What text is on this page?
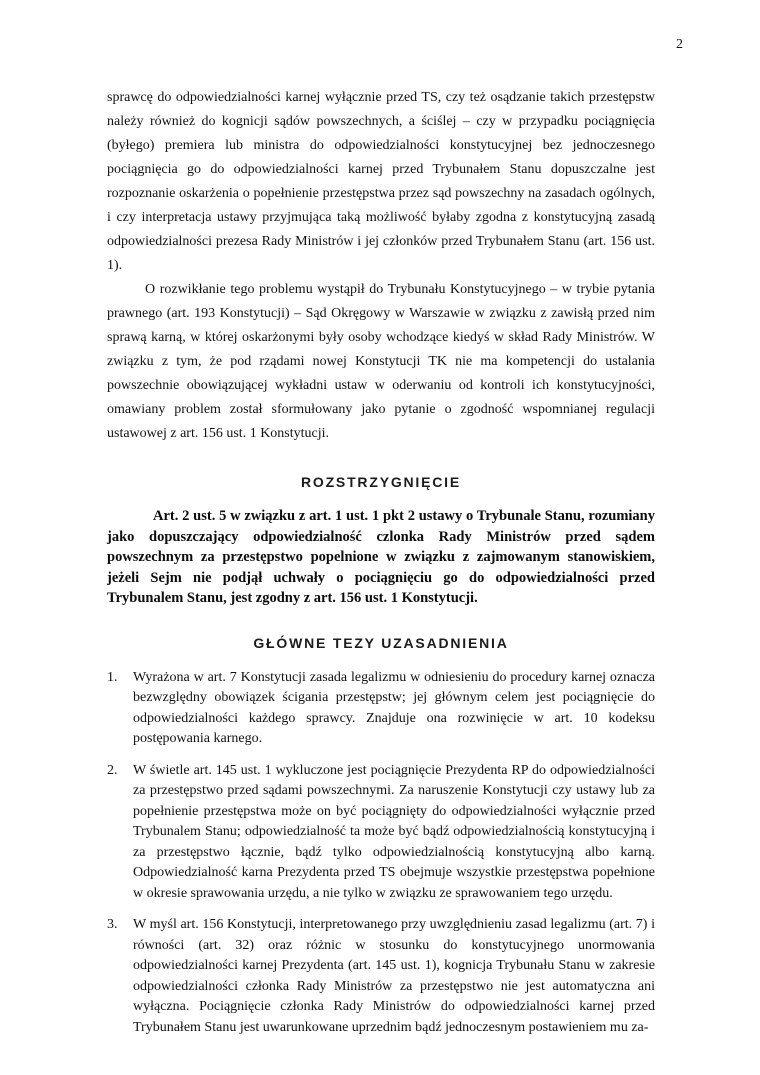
2

sprawcę do odpowiedzialności karnej wyłącznie przed TS, czy też osądzanie takich przestępstw należy również do kognicji sądów powszechnych, a ściślej – czy w przypadku pociągnięcia (byłego) premiera lub ministra do odpowiedzialności konstytucyjnej bez jednoczesnego pociągnięcia go do odpowiedzialności karnej przed Trybunałem Stanu dopuszczalne jest rozpoznanie oskarżenia o popełnienie przestępstwa przez sąd powszechny na zasadach ogólnych, i czy interpretacja ustawy przyjmująca taką możliwość byłaby zgodna z konstytucyjną zasadą odpowiedzialności prezesa Rady Ministrów i jej członków przed Trybunałem Stanu (art. 156 ust. 1).

O rozwikłanie tego problemu wystąpił do Trybunału Konstytucyjnego – w trybie pytania prawnego (art. 193 Konstytucji) – Sąd Okręgowy w Warszawie w związku z zawisłą przed nim sprawą karną, w której oskarżonymi były osoby wchodzące kiedyś w skład Rady Ministrów. W związku z tym, że pod rządami nowej Konstytucji TK nie ma kompetencji do ustalania powszechnie obowiązującej wykładni ustaw w oderwaniu od kontroli ich konstytucyjności, omawiany problem został sformułowany jako pytanie o zgodność wspomnianej regulacji ustawowej z art. 156 ust. 1 Konstytucji.

ROZSTRZYGNIĘCIE

Art. 2 ust. 5 w związku z art. 1 ust. 1 pkt 2 ustawy o Trybunale Stanu, rozumiany jako dopuszczający odpowiedzialność czlonka Rady Ministrów przed sądem powszechnym za przestępstwo popelnione w związku z zajmowanym stanowiskiem, jeżeli Sejm nie podjął uchwały o pociągnięciu go do odpowiedzialności przed Trybunalem Stanu, jest zgodny z art. 156 ust. 1 Konstytucji.

GŁÓWNE TEZY UZASADNIENIA
1.	Wyrażona w art. 7 Konstytucji zasada legalizmu w odniesieniu do procedury karnej oznacza bezwzględny obowiązek ścigania przestępstw; jej głównym celem jest pociągnięcie do odpowiedzialności każdego sprawcy. Znajduje ona rozwinięcie w art. 10 kodeksu postępowania karnego.

2.	W świetle art. 145 ust. 1 wykluczone jest pociągnięcie Prezydenta RP do odpowiedzialności za przestępstwo przed sądami powszechnymi. Za naruszenie Konstytucji czy ustawy lub za popełnienie przestępstwa może on być pociągnięty do odpowiedzialności wyłącznie przed Trybunalem Stanu; odpowiedzialność ta może być bądź odpowiedzialnością konstytucyjną i za przestępstwo łącznie, bądź tylko odpowiedzialnością konstytucyjną albo karną. Odpowiedzialność karna Prezydenta przed TS obejmuje wszystkie przestępstwa popełnione w okresie sprawowania urzędu, a nie tylko w związku ze sprawowaniem tego urzędu.

3.	W myśl art. 156 Konstytucji, interpretowanego przy uwzględnieniu zasad legalizmu (art. 7) i równości (art. 32) oraz różnic w stosunku do konstytucyjnego unormowania odpowiedzialności karnej Prezydenta (art. 145 ust. 1), kognicja Trybunału Stanu w zakresie odpowiedzialności członka Rady Ministrów za przestępstwo nie jest automatyczna ani wyłączna. Pociągnięcie członka Rady Ministrów do odpowiedzialności karnej przed Trybunałem Stanu jest uwarunkowane uprzednim bądź jednoczesnym postawieniem mu za-
